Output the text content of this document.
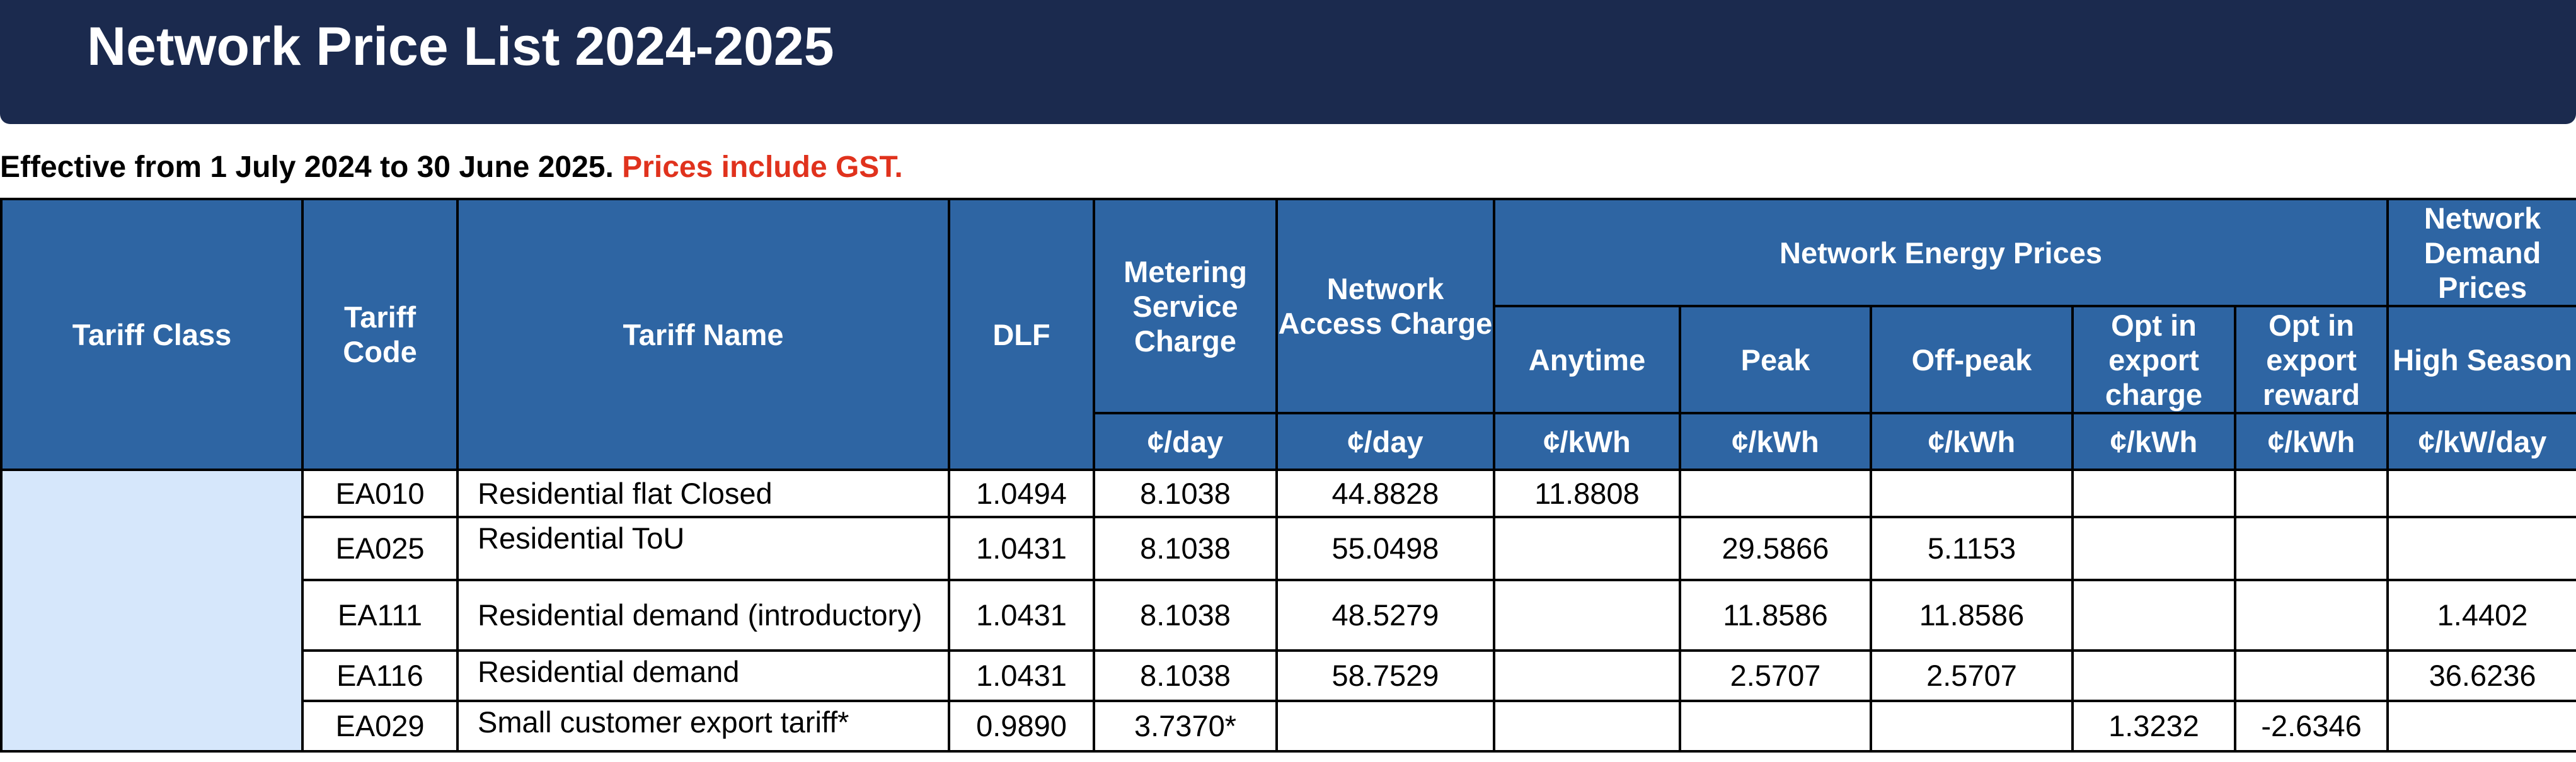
Network Price List 2024-2025
Effective from 1 July 2024 to 30 June 2025. Prices include GST.
Tariff Class	Tariff Code	Tariff Name	DLF	Metering Service Charge	Network Access Charge	Network Energy Prices					Network Demand Prices
						Anytime	Peak	Off-peak	Opt in export charge	Opt in export reward	High Season
				¢/day	¢/day	¢/kWh	¢/kWh	¢/kWh	¢/kWh	¢/kWh	¢/kW/day
	EA010	Residential flat Closed	1.0494	8.1038	44.8828	11.8808					
	EA025	Residential ToU	1.0431	8.1038	55.0498		29.5866	5.1153			
	EA111	Residential demand (introductory)	1.0431	8.1038	48.5279		11.8586	11.8586			1.4402
	EA116	Residential demand	1.0431	8.1038	58.7529		2.5707	2.5707			36.6236
	EA029	Small customer export tariff*	0.9890	3.7370*					1.3232	-2.6346	
